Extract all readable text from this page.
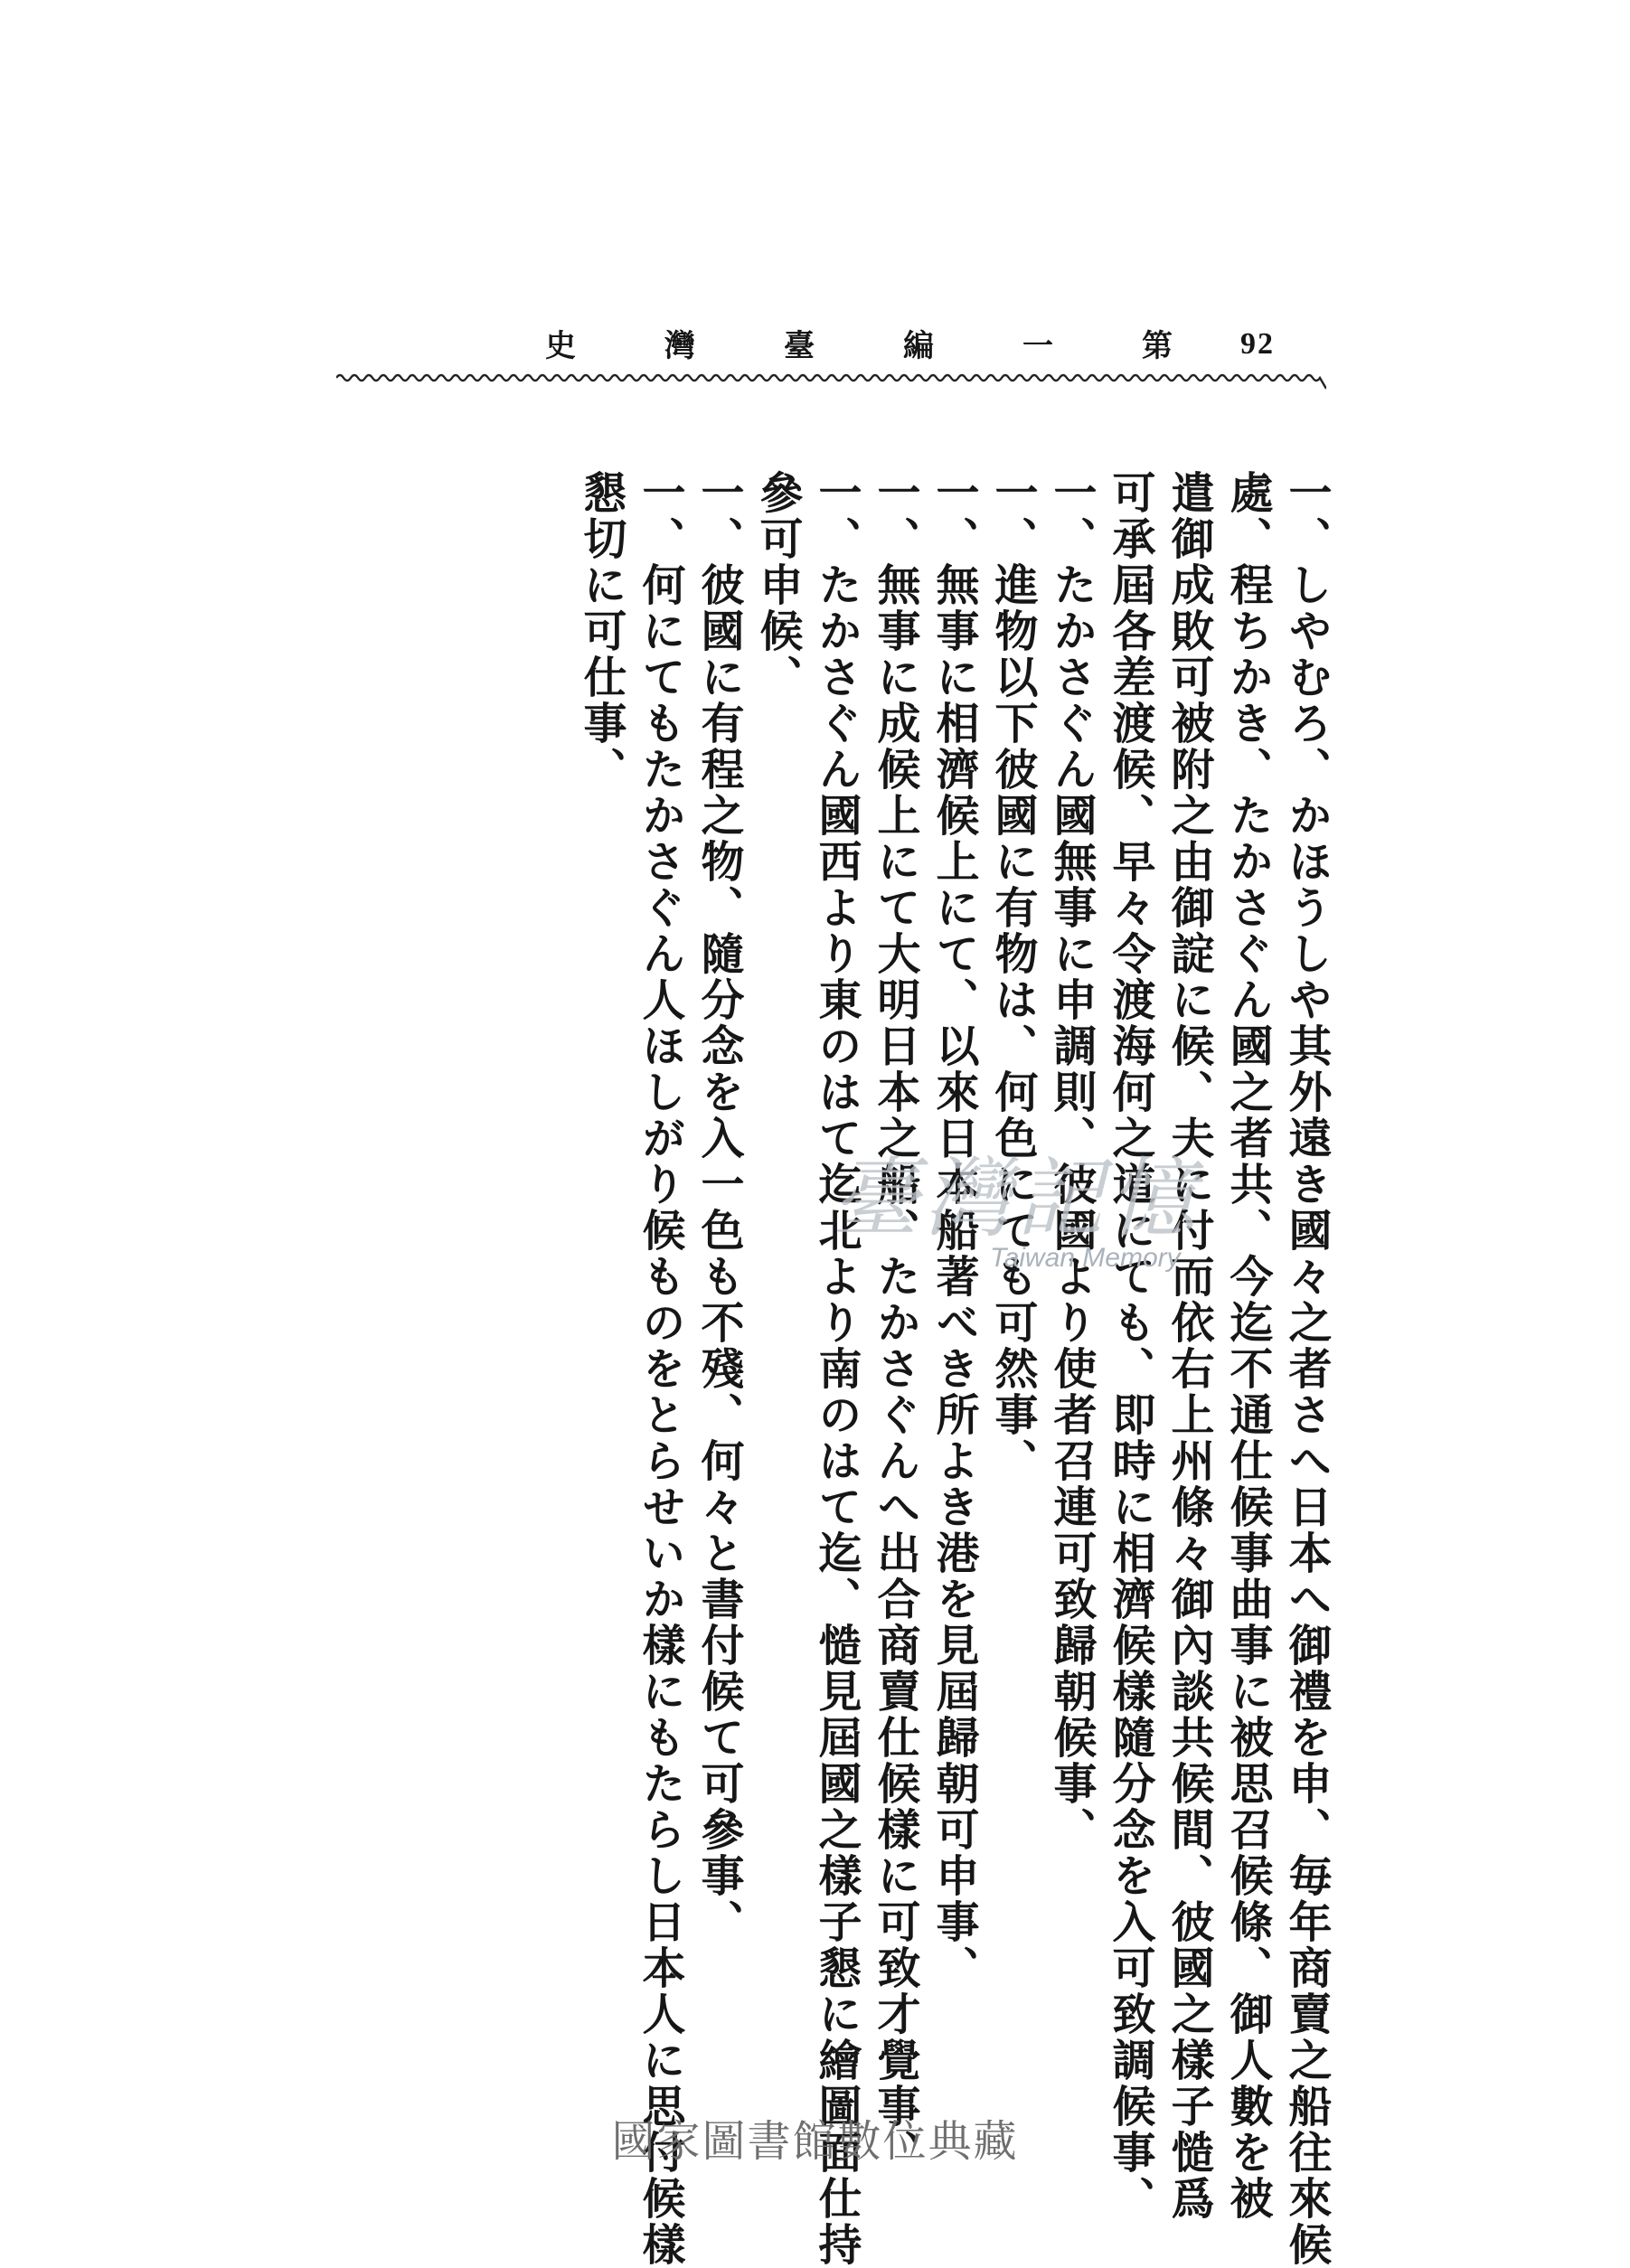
92
第
一
編
臺
灣
史
一、しやむろ、かほうしや其外遠き國々之者さへ日本へ御禮を申、毎年商賣之船往來候
處、程ちかき、たかさぐん國之者共、今迄不通仕候事曲事に被思召候條、御人數を被
遣御成敗可被附之由御諚に候、夫に付而依右上州條々御內談共候間、彼國之樣子慥爲
可承屆各差渡候、早々令渡海何之道にても、即時に相濟候樣隨分念を入可致調候事、
一、たかさぐん國無事に申調則、彼國より使者召連可致歸朝候事、
一、進物以下彼國に有物は、何色にても可然事、
一、無事に相濟候上にて、以來日本船著べき所よき港を見屆歸朝可申事、
一、無事に成候上にて大明日本之船、たかさぐんへ出合商賣仕候樣に可致才覺事、
一、たかさぐん國西より東のはて迄北より南のはて迄、慥見屆國之樣子懇に繪圖面仕持
參可申候、
一、彼國に有程之物、隨分念を入一色も不殘、何々と書付候て可參事、
一、何にてもたかさぐん人ほしがり候ものをとらせいか樣にもたらし日本人に思付候樣
懇切に可仕事、
臺灣記憶
Taiwan Memory
國家圖書館數位典藏
